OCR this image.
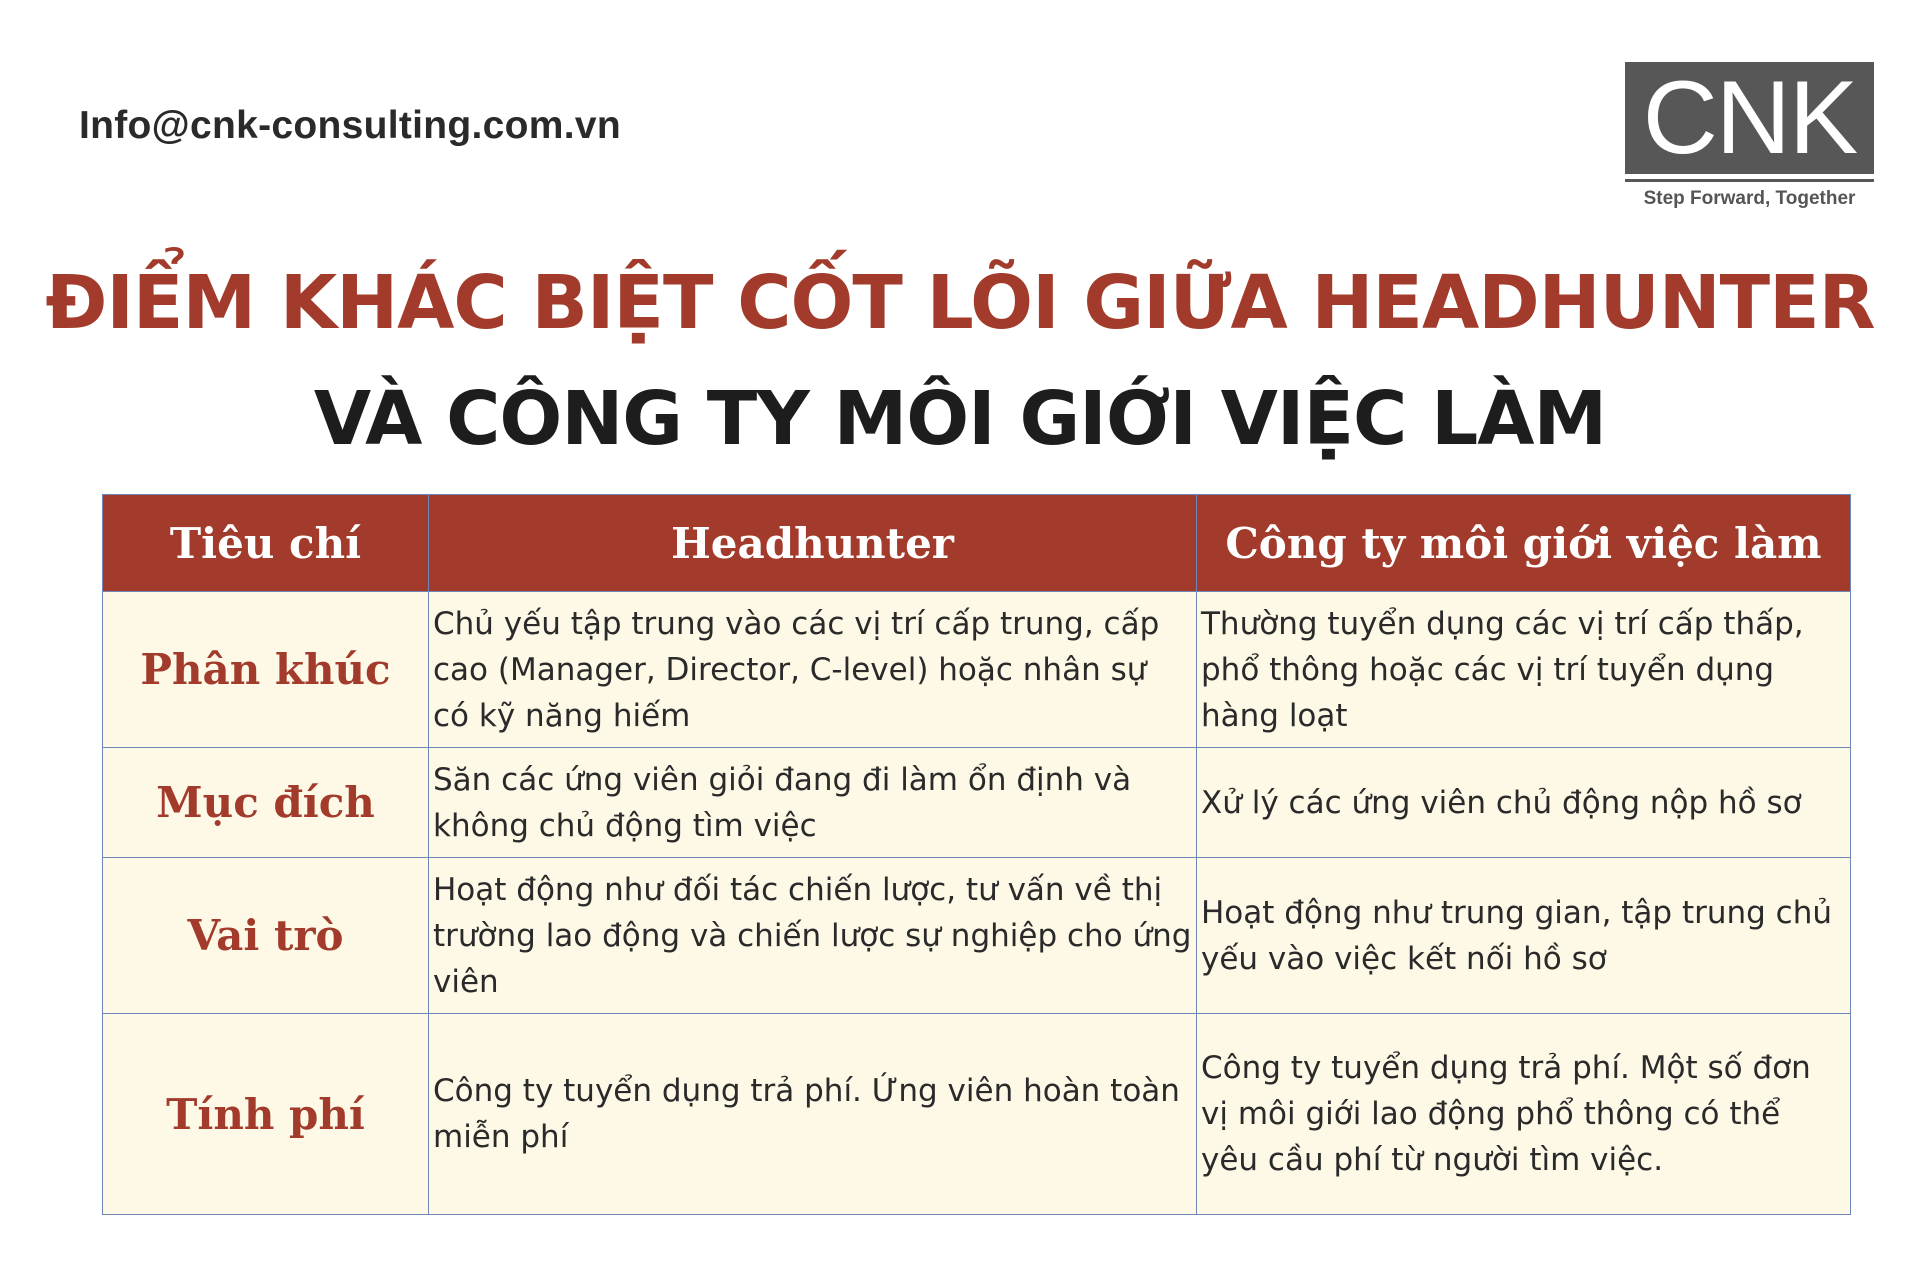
Info@cnk-consulting.com.vn	CNK
Step Forward, Together
ĐIỂM KHÁC BIỆT CỐT LÕI GIỮA HEADHUNTER
VÀ CÔNG TY MÔI GIỚI VIỆC LÀM
Tiêu chí	Headhunter	Công ty môi giới việc làm
Phân khúc	Chủ yếu tập trung vào các vị trí cấp trung, cấp cao (Manager, Director, C-level) hoặc nhân sự có kỹ năng hiếm	Thường tuyển dụng các vị trí cấp thấp, phổ thông hoặc các vị trí tuyển dụng hàng loạt
Mục đích	Săn các ứng viên giỏi đang đi làm ổn định và không chủ động tìm việc	Xử lý các ứng viên chủ động nộp hồ sơ
Vai trò	Hoạt động như đối tác chiến lược, tư vấn về thị trường lao động và chiến lược sự nghiệp cho ứng viên	Hoạt động như trung gian, tập trung chủ yếu vào việc kết nối hồ sơ
Tính phí	Công ty tuyển dụng trả phí. Ứng viên hoàn toàn miễn phí	Công ty tuyển dụng trả phí. Một số đơn vị môi giới lao động phổ thông có thể yêu cầu phí từ người tìm việc.
